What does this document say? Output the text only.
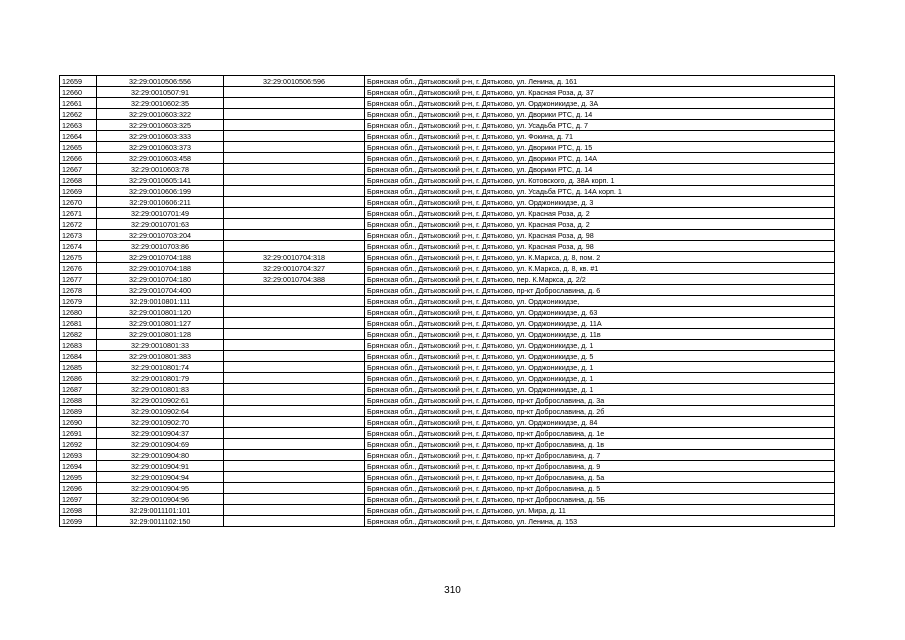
12659	32:29:0010506:556	32:29:0010506:596	Брянская обл., Дятьковский р-н, г. Дятьково, ул. Ленина, д. 161
12660	32:29:0010507:91		Брянская обл., Дятьковский р-н, г. Дятьково, ул. Красная Роза, д. 37
12661	32:29:0010602:35		Брянская обл., Дятьковский р-н, г. Дятьково, ул. Орджоникидзе, д. 3А
12662	32:29:0010603:322		Брянская обл., Дятьковский р-н, г. Дятьково, ул. Дворики РТС, д. 14
12663	32:29:0010603:325		Брянская обл., Дятьковский р-н, г. Дятьково, ул. Усадьба РТС, д. 7
12664	32:29:0010603:333		Брянская обл., Дятьковский р-н, г. Дятьково, ул. Фокина, д. 71
12665	32:29:0010603:373		Брянская обл., Дятьковский р-н, г. Дятьково, ул. Дворики РТС, д. 15
12666	32:29:0010603:458		Брянская обл., Дятьковский р-н, г. Дятьково, ул. Дворики РТС, д. 14А
12667	32:29:0010603:78		Брянская обл., Дятьковский р-н, г. Дятьково, ул. Дворики РТС, д. 14
12668	32:29:0010605:141		Брянская обл., Дятьковский р-н, г. Дятьково, ул. Котовского, д. 38А корп. 1
12669	32:29:0010606:199		Брянская обл., Дятьковский р-н, г. Дятьково, ул. Усадьба РТС, д. 14А корп. 1
12670	32:29:0010606:211		Брянская обл., Дятьковский р-н, г. Дятьково, ул. Орджоникидзе, д. 3
12671	32:29:0010701:49		Брянская обл., Дятьковский р-н, г. Дятьково, ул. Красная Роза, д. 2
12672	32:29:0010701:63		Брянская обл., Дятьковский р-н, г. Дятьково, ул. Красная Роза, д. 2
12673	32:29:0010703:204		Брянская обл., Дятьковский р-н, г. Дятьково, ул. Красная Роза, д. 98
12674	32:29:0010703:86		Брянская обл., Дятьковский р-н, г. Дятьково, ул. Красная Роза, д. 98
12675	32:29:0010704:188	32:29:0010704:318	Брянская обл., Дятьковский р-н, г. Дятьково, ул. К.Маркса, д. 8, пом. 2
12676	32:29:0010704:188	32:29:0010704:327	Брянская обл., Дятьковский р-н, г. Дятьково, ул. К.Маркса, д. 8, кв. #1
12677	32:29:0010704:180	32:29:0010704:388	Брянская обл., Дятьковский р-н, г. Дятьково, пер. К.Маркса, д. 2/2
12678	32:29:0010704:400		Брянская обл., Дятьковский р-н, г. Дятьково, пр-кт Доброславина, д. 6
12679	32:29:0010801:111		Брянская обл., Дятьковский р-н, г. Дятьково, ул. Орджоникидзе,
12680	32:29:0010801:120		Брянская обл., Дятьковский р-н, г. Дятьково, ул. Орджоникидзе, д. 63
12681	32:29:0010801:127		Брянская обл., Дятьковский р-н, г. Дятьково, ул. Орджоникидзе, д. 11А
12682	32:29:0010801:128		Брянская обл., Дятьковский р-н, г. Дятьково, ул. Орджоникидзе, д. 11в
12683	32:29:0010801:33		Брянская обл., Дятьковский р-н, г. Дятьково, ул. Орджоникидзе, д. 1
12684	32:29:0010801:383		Брянская обл., Дятьковский р-н, г. Дятьково, ул. Орджоникидзе, д. 5
12685	32:29:0010801:74		Брянская обл., Дятьковский р-н, г. Дятьково, ул. Орджоникидзе, д. 1
12686	32:29:0010801:79		Брянская обл., Дятьковский р-н, г. Дятьково, ул. Орджоникидзе, д. 1
12687	32:29:0010801:83		Брянская обл., Дятьковский р-н, г. Дятьково, ул. Орджоникидзе, д. 1
12688	32:29:0010902:61		Брянская обл., Дятьковский р-н, г. Дятьково, пр-кт Доброславина, д. 3а
12689	32:29:0010902:64		Брянская обл., Дятьковский р-н, г. Дятьково, пр-кт Доброславина, д. 2б
12690	32:29:0010902:70		Брянская обл., Дятьковский р-н, г. Дятьково, ул. Орджоникидзе, д. 84
12691	32:29:0010904:37		Брянская обл., Дятьковский р-н, г. Дятьково, пр-кт Доброславина, д. 1е
12692	32:29:0010904:69		Брянская обл., Дятьковский р-н, г. Дятьково, пр-кт Доброславина, д. 1в
12693	32:29:0010904:80		Брянская обл., Дятьковский р-н, г. Дятьково, пр-кт Доброславина, д. 7
12694	32:29:0010904:91		Брянская обл., Дятьковский р-н, г. Дятьково, пр-кт Доброславина, д. 9
12695	32:29:0010904:94		Брянская обл., Дятьковский р-н, г. Дятьково, пр-кт Доброславина, д. 5а
12696	32:29:0010904:95		Брянская обл., Дятьковский р-н, г. Дятьково, пр-кт Доброславина, д. 5
12697	32:29:0010904:96		Брянская обл., Дятьковский р-н, г. Дятьково, пр-кт Доброславина, д. 5Б
12698	32:29:0011101:101		Брянская обл., Дятьковский р-н, г. Дятьково, ул. Мира, д. 11
12699	32:29:0011102:150		Брянская обл., Дятьковский р-н, г. Дятьково, ул. Ленина, д. 153
310
